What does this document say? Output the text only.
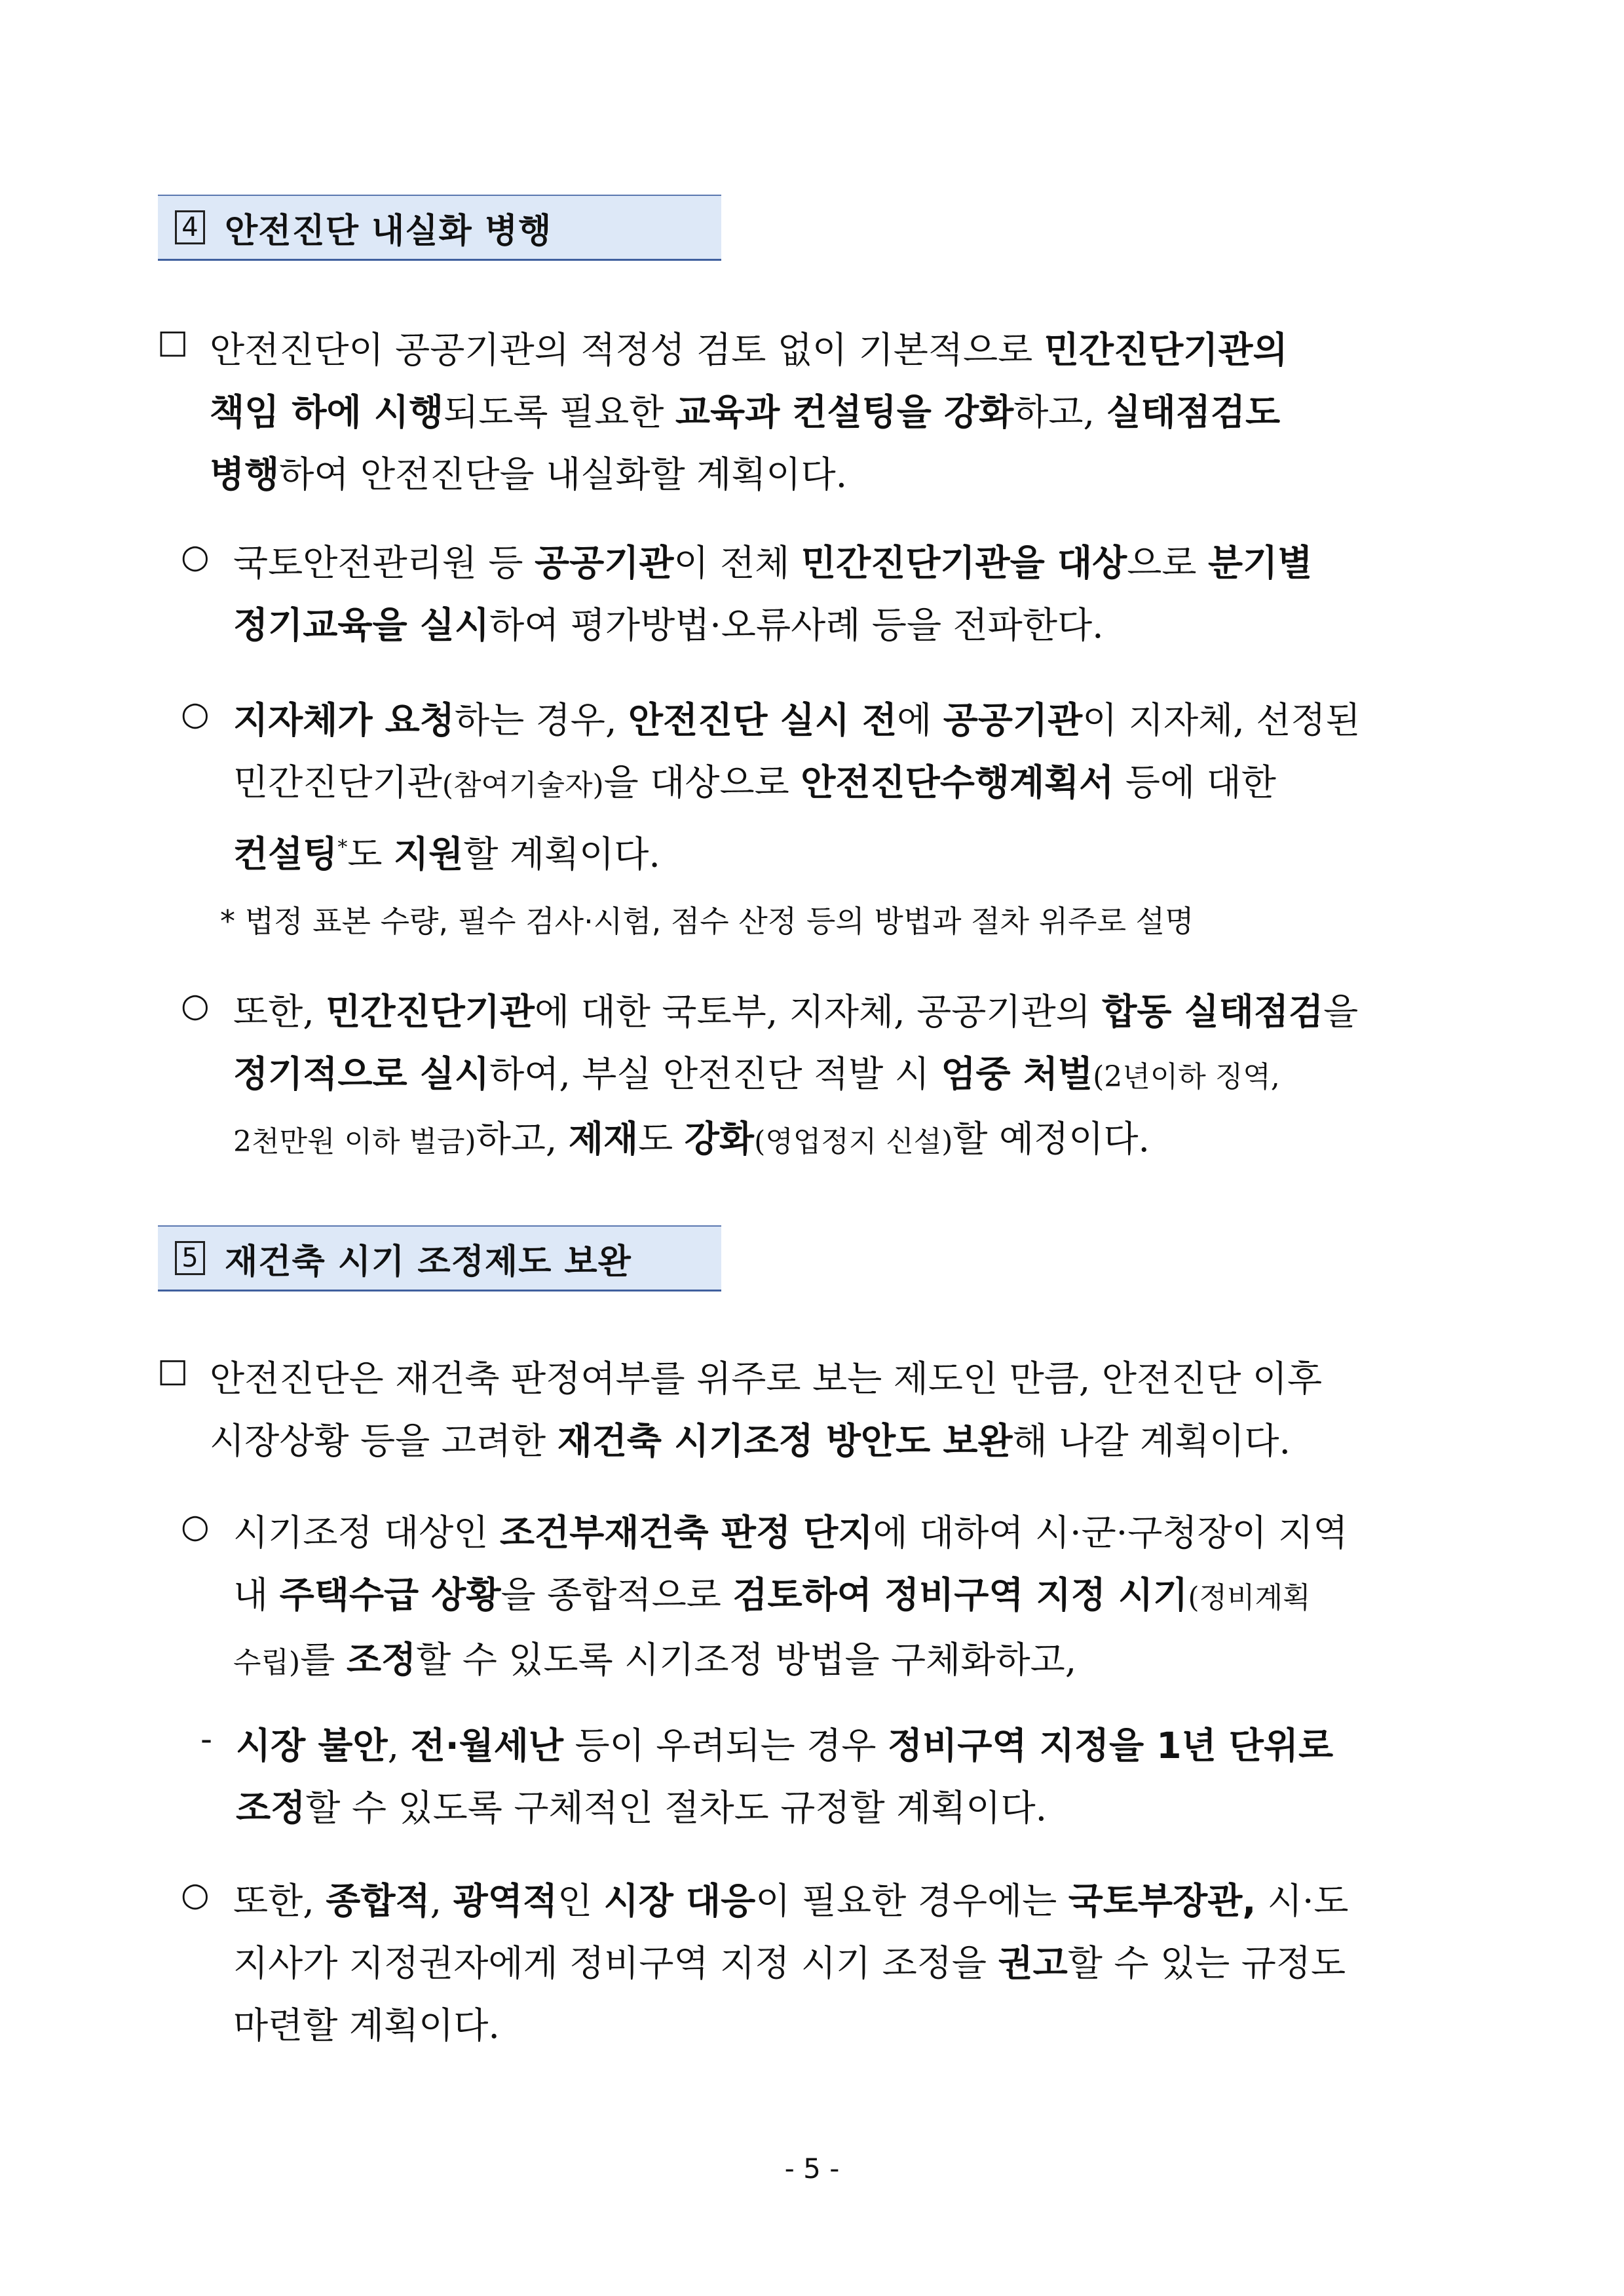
4 안전진단 내실화 병행
□ 안전진단이 공공기관의 적정성 검토 없이 기본적으로 민간진단기관의
책임 하에 시행되도록 필요한 교육과 컨설팅을 강화하고, 실태점검도
병행하여 안전진단을 내실화할 계획이다.
○ 국토안전관리원 등 공공기관이 전체 민간진단기관을 대상으로 분기별
정기교육을 실시하여 평가방법·오류사례 등을 전파한다.
○ 지자체가 요청하는 경우, 안전진단 실시 전에 공공기관이 지자체, 선정된
민간진단기관(참여기술자)을 대상으로 안전진단수행계획서 등에 대한
컨설팅*도 지원할 계획이다.
* 법정 표본 수량, 필수 검사·시험, 점수 산정 등의 방법과 절차 위주로 설명
○ 또한, 민간진단기관에 대한 국토부, 지자체, 공공기관의 합동 실태점검을
정기적으로 실시하여, 부실 안전진단 적발 시 엄중 처벌(2년이하 징역,
2천만원 이하 벌금)하고, 제재도 강화(영업정지 신설)할 예정이다.
5 재건축 시기 조정제도 보완
□ 안전진단은 재건축 판정여부를 위주로 보는 제도인 만큼, 안전진단 이후
시장상황 등을 고려한 재건축 시기조정 방안도 보완해 나갈 계획이다.
○ 시기조정 대상인 조건부재건축 판정 단지에 대하여 시·군·구청장이 지역
내 주택수급 상황을 종합적으로 검토하여 정비구역 지정 시기(정비계획
수립)를 조정할 수 있도록 시기조정 방법을 구체화하고,
- 시장 불안, 전·월세난 등이 우려되는 경우 정비구역 지정을 1년 단위로
조정할 수 있도록 구체적인 절차도 규정할 계획이다.
○ 또한, 종합적, 광역적인 시장 대응이 필요한 경우에는 국토부장관, 시·도
지사가 지정권자에게 정비구역 지정 시기 조정을 권고할 수 있는 규정도
마련할 계획이다.
- 5 -
